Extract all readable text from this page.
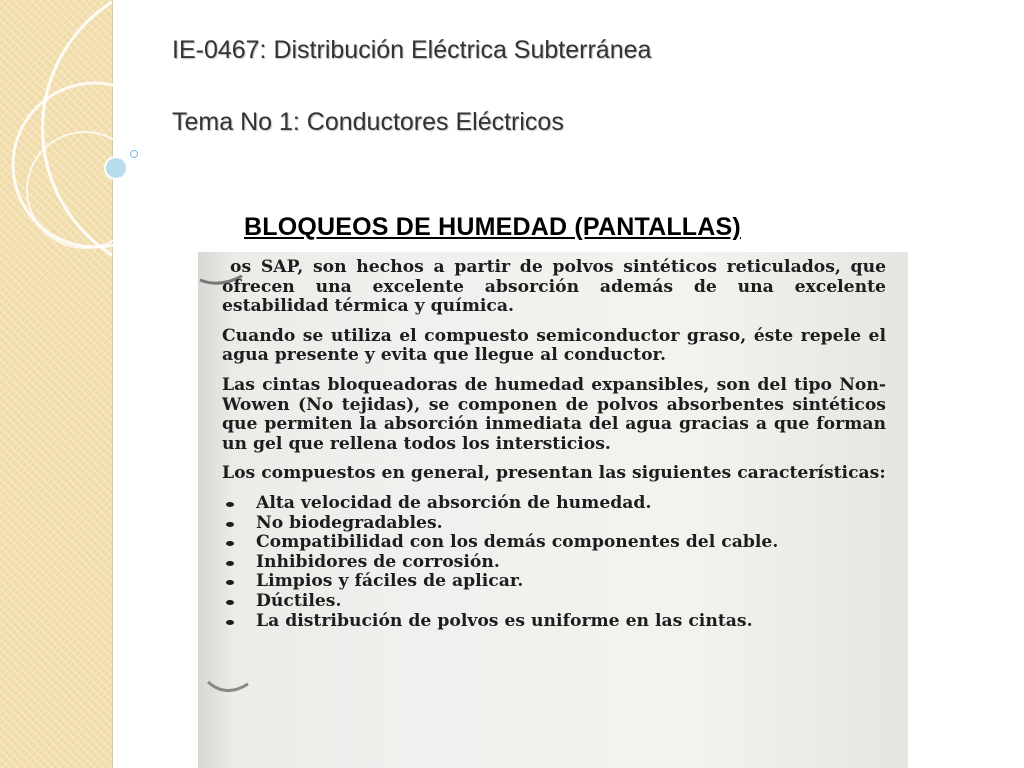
IE-0467: Distribución Eléctrica Subterránea
Tema No 1: Conductores Eléctricos
BLOQUEOS DE HUMEDAD (PANTALLAS)

os SAP, son hechos a partir de polvos sintéticos reticulados, que ofrecen una excelente absorción además de una excelente estabilidad térmica y química.

Cuando se utiliza el compuesto semiconductor graso, éste repele el agua presente y evita que llegue al conductor.

Las cintas bloqueadoras de humedad expansibles, son del tipo Non-Wowen (No tejidas), se componen de polvos absorbentes sintéticos que permiten la absorción inmediata del agua gracias a que forman un gel que rellena todos los intersticios.

Los compuestos en general, presentan las siguientes características:

Alta velocidad de absorción de humedad.
No biodegradables.
Compatibilidad con los demás componentes del cable.
Inhibidores de corrosión.
Limpios y fáciles de aplicar.
Dúctiles.
La distribución de polvos es uniforme en las cintas.
